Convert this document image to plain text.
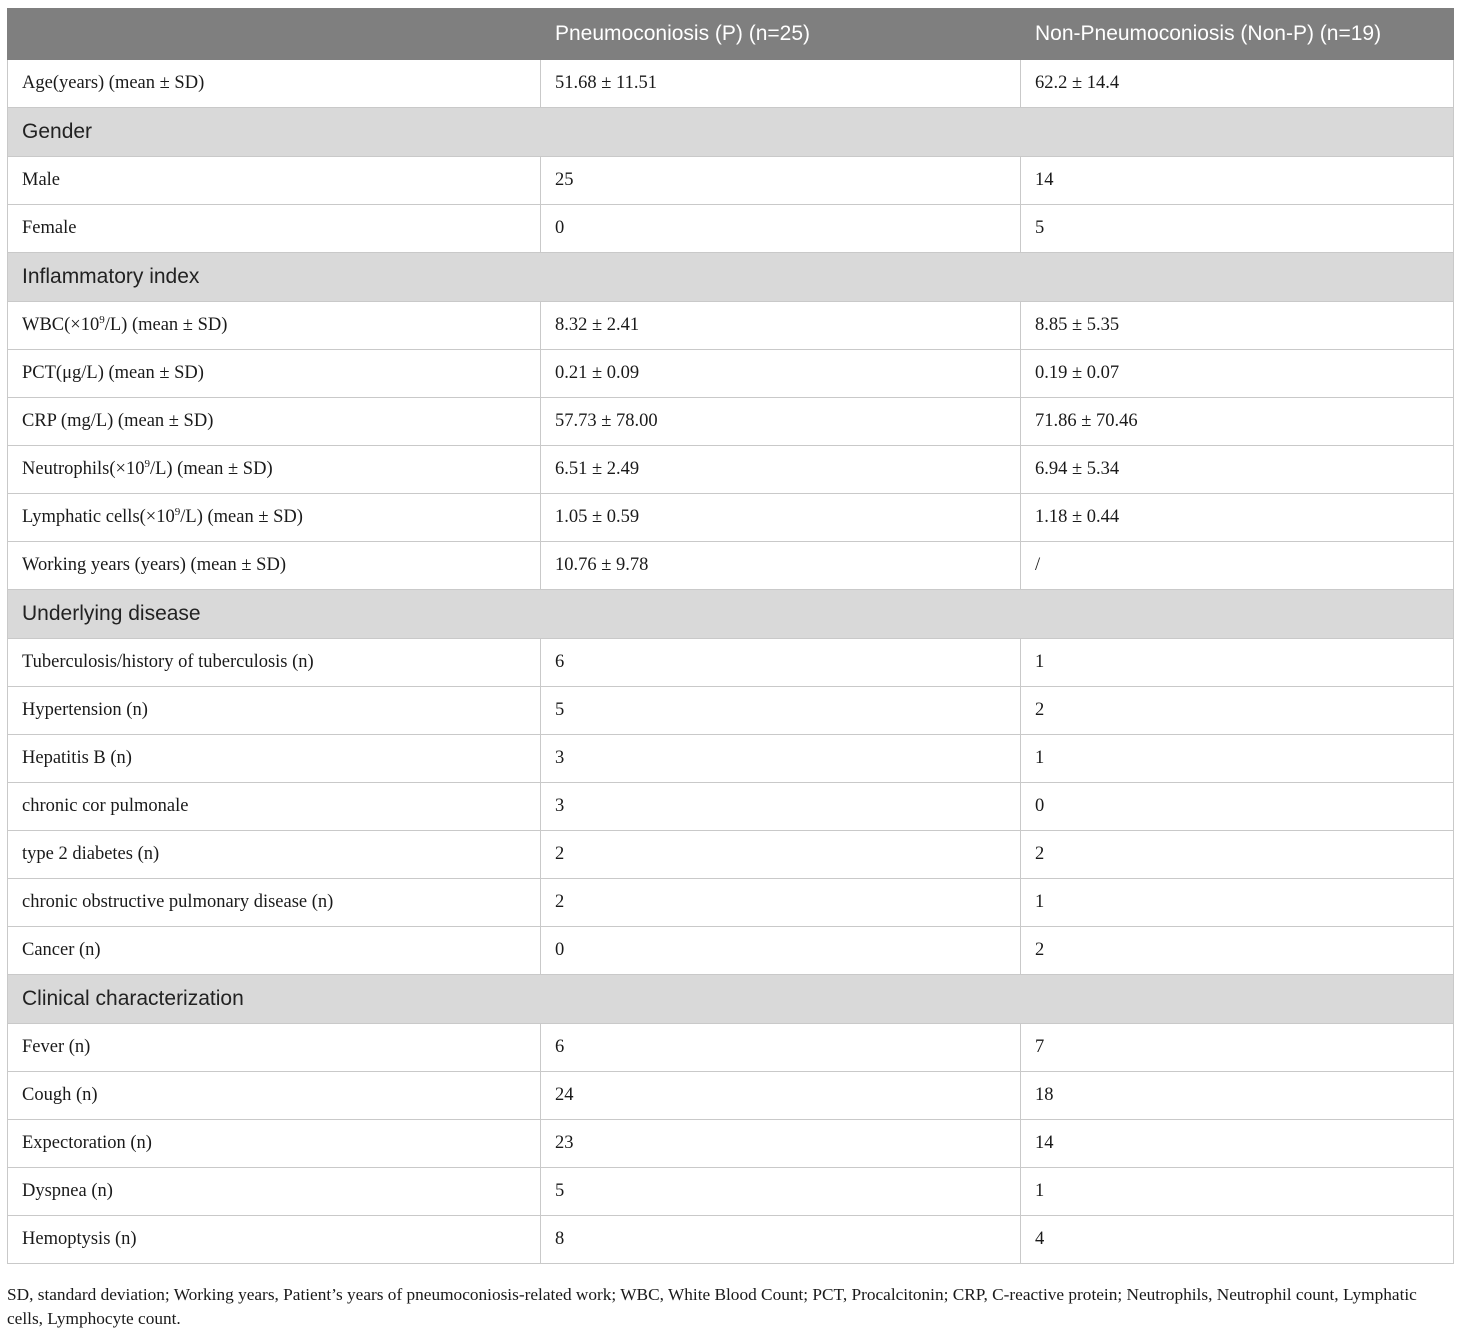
	Pneumoconiosis (P) (n=25)	Non-Pneumoconiosis (Non-P) (n=19)
Age(years) (mean ± SD)	51.68 ± 11.51	62.2 ± 14.4
Gender		
Male	25	14
Female	0	5
Inflammatory index		
$WBC(\times 10^9/L)$ (mean ± SD)	8.32 ± 2.41	8.85 ± 5.35
PCT(μg/L) (mean ± SD)	0.21 ± 0.09	0.19 ± 0.07
CRP (mg/L) (mean ± SD)	57.73 ± 78.00	71.86 ± 70.46
$Neutrophils(\times 10^9/L)$ (mean ± SD)	6.51 ± 2.49	6.94 ± 5.34
Lymphatic $cells(\times 10^9/L)$ (mean ± SD)	1.05 ± 0.59	1.18 ± 0.44
Working years (years) (mean ± SD)	10.76 ± 9.78	/
Underlying disease		
Tuberculosis/history of tuberculosis (n)	6	1
Hypertension (n)	5	2
Hepatitis B (n)	3	1
chronic cor pulmonale	3	0
type 2 diabetes (n)	2	2
chronic obstructive pulmonary disease (n)	2	1
Cancer (n)	0	2
Clinical characterization		
Fever (n)	6	7
Cough (n)	24	18
Expectoration (n)	23	14
Dyspnea (n)	5	1
Hemoptysis (n)	8	4
SD, standard deviation; Working years, Patient’s years of pneumoconiosis-related work; WBC, White Blood Count; PCT, Procalcitonin; CRP, C-reactive protein; Neutrophils, Neutrophil count, Lymphatic cells, Lymphocyte count.
